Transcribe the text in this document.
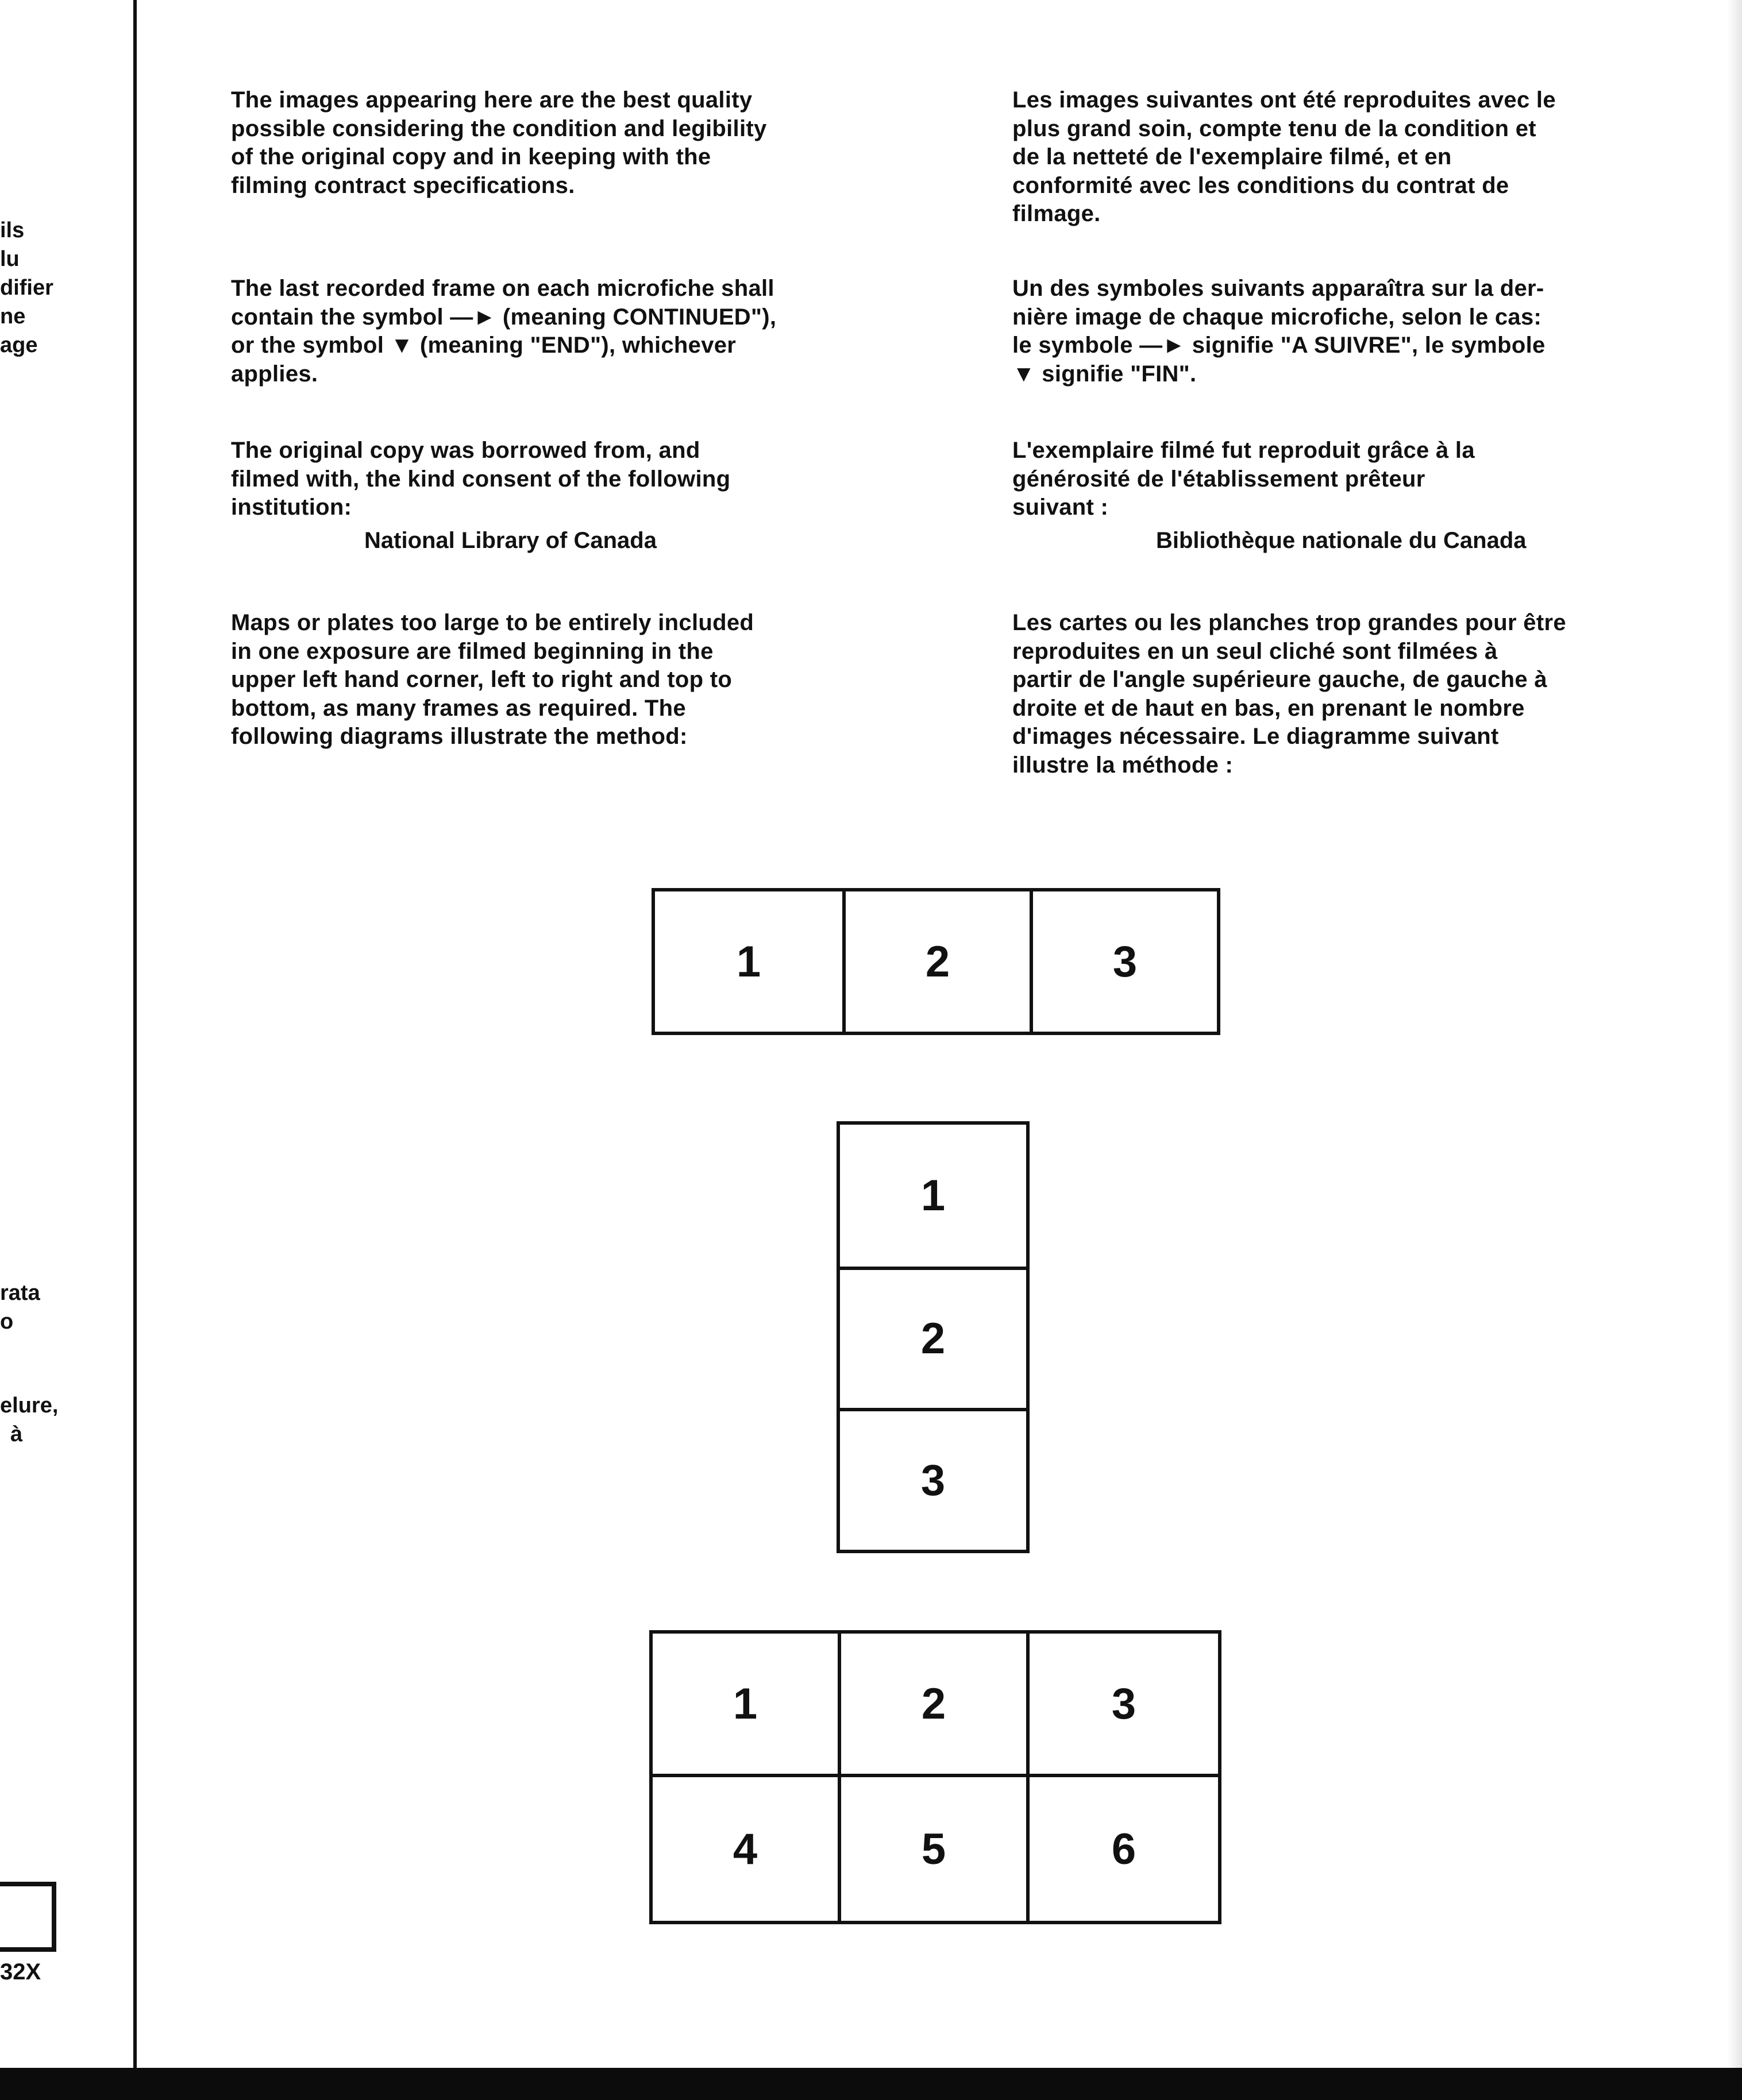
ils
lu
difier
ne
age
rata
o
elure,
à
32X

The images appearing here are the best quality
possible considering the condition and legibility
of the original copy and in keeping with the
filming contract specifications.

The last recorded frame on each microfiche shall
contain the symbol —► (meaning CONTINUED"),
or the symbol ▼ (meaning "END"), whichever
applies.

The original copy was borrowed from, and
filmed with, the kind consent of the following
institution:

National Library of Canada

Maps or plates too large to be entirely included
in one exposure are filmed beginning in the
upper left hand corner, left to right and top to
bottom, as many frames as required. The
following diagrams illustrate the method:

Les images suivantes ont été reproduites avec le
plus grand soin, compte tenu de la condition et
de la netteté de l'exemplaire filmé, et en
conformité avec les conditions du contrat de
filmage.

Un des symboles suivants apparaîtra sur la der-
nière image de chaque microfiche, selon le cas:
le symbole —► signifie "A SUIVRE", le symbole
▼ signifie "FIN".

L'exemplaire filmé fut reproduit grâce à la
générosité de l'établissement prêteur
suivant :

Bibliothèque nationale du Canada

Les cartes ou les planches trop grandes pour être
reproduites en un seul cliché sont filmées à
partir de l'angle supérieure gauche, de gauche à
droite et de haut en bas, en prenant le nombre
d'images nécessaire. Le diagramme suivant
illustre la méthode :

1	2	3
1
2
3
1	2	3
4	5	6
